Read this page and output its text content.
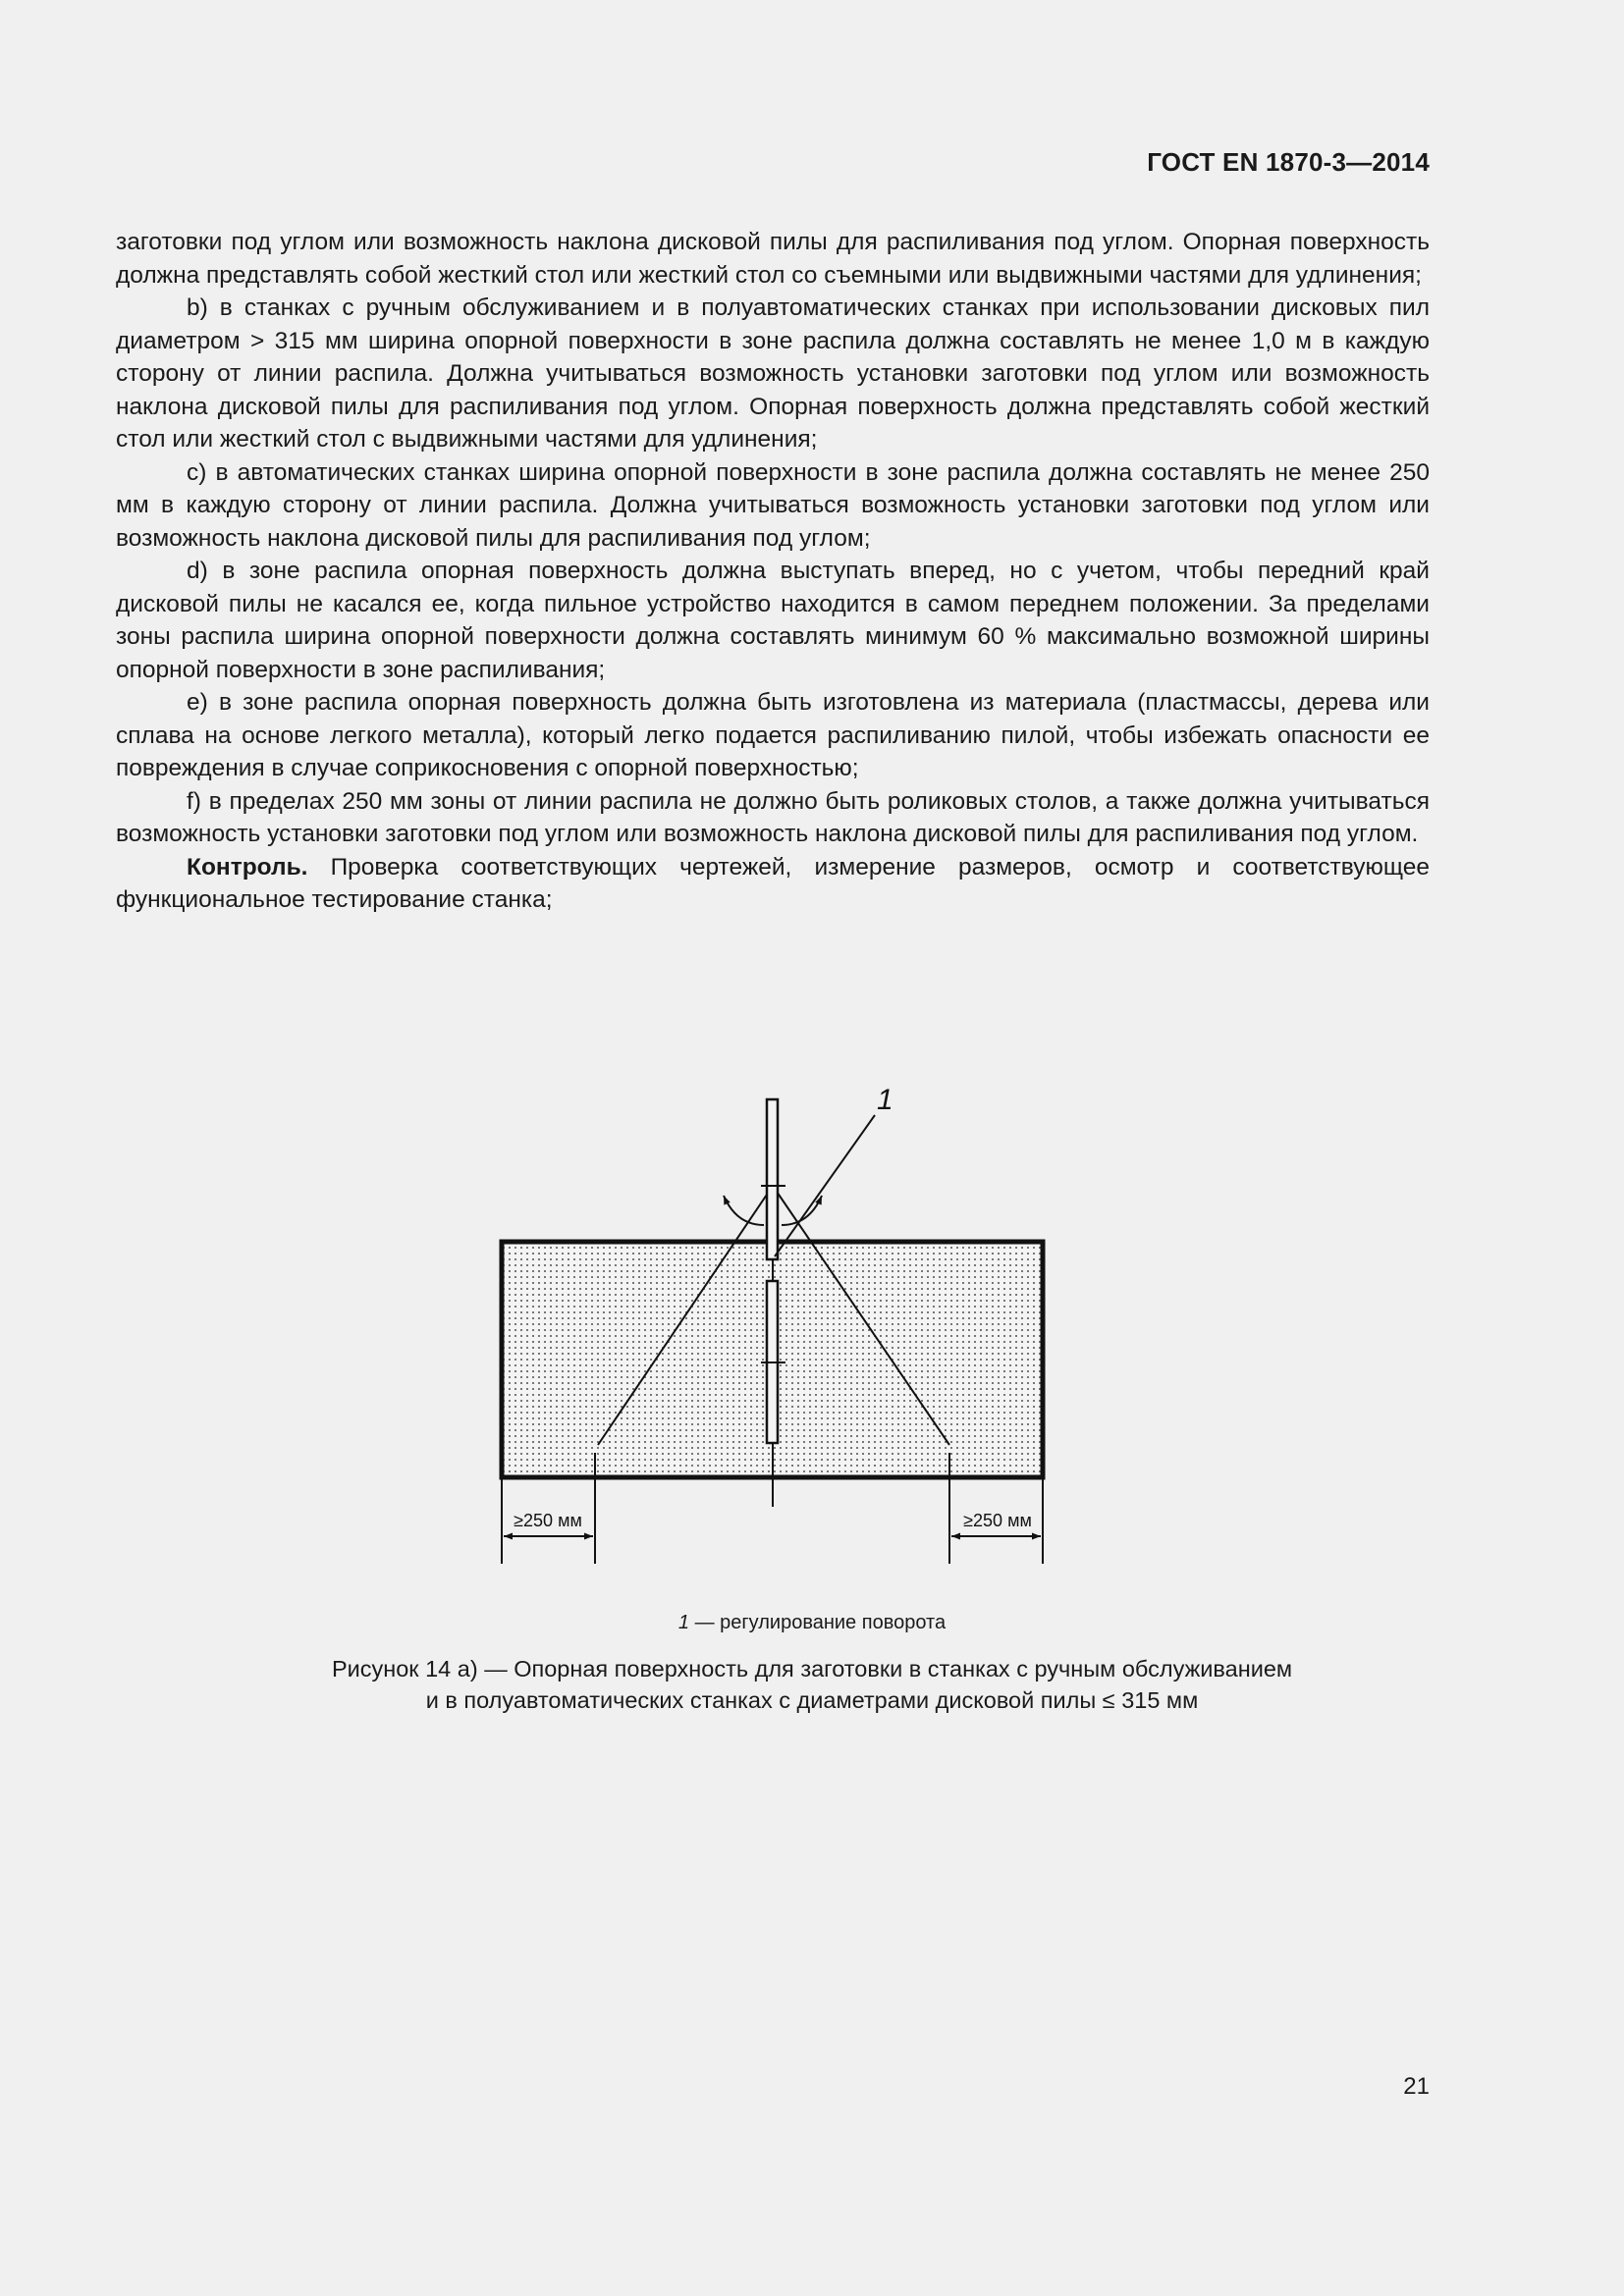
ГОСТ EN 1870-3—2014

заготовки под углом или возможность наклона дисковой пилы для распиливания под углом. Опорная поверхность должна представлять собой жесткий стол или жесткий стол со съемными или выдвижными частями для удлинения;

b) в станках с ручным обслуживанием и в полуавтоматических станках при использовании дисковых пил диаметром > 315 мм ширина опорной поверхности в зоне распила должна составлять не менее 1,0 м в каждую сторону от линии распила. Должна учитываться возможность установки заготовки под углом или возможность наклона дисковой пилы для распиливания под углом. Опорная поверхность должна представлять собой жесткий стол или жесткий стол с выдвижными частями для удлинения;

c) в автоматических станках ширина опорной поверхности в зоне распила должна составлять не менее 250 мм в каждую сторону от линии распила. Должна учитываться возможность установки заготовки под углом или возможность наклона дисковой пилы для распиливания под углом;

d) в зоне распила опорная поверхность должна выступать вперед, но с учетом, чтобы передний край дисковой пилы не касался ее, когда пильное устройство находится в самом переднем положении. За пределами зоны распила ширина опорной поверхности должна составлять минимум 60 % максимально возможной ширины опорной поверхности в зоне распиливания;

e) в зоне распила опорная поверхность должна быть изготовлена из материала (пластмассы, дерева или сплава на основе легкого металла), который легко подается распиливанию пилой, чтобы избежать опасности ее повреждения в случае соприкосновения с опорной поверхностью;

f) в пределах 250 мм зоны от линии распила не должно быть роликовых столов, а также должна учитываться возможность установки заготовки под углом или возможность наклона дисковой пилы для распиливания под углом.

Контроль. Проверка соответствующих чертежей, измерение размеров, осмотр и соответствующее функциональное тестирование станка;

1
≥250 мм	≥250 мм
1 — регулирование поворота
Рисунок 14 а) — Опорная поверхность для заготовки в станках с ручным обслуживанием
и в полуавтоматических станках с диаметрами дисковой пилы ≤ 315 мм
21
